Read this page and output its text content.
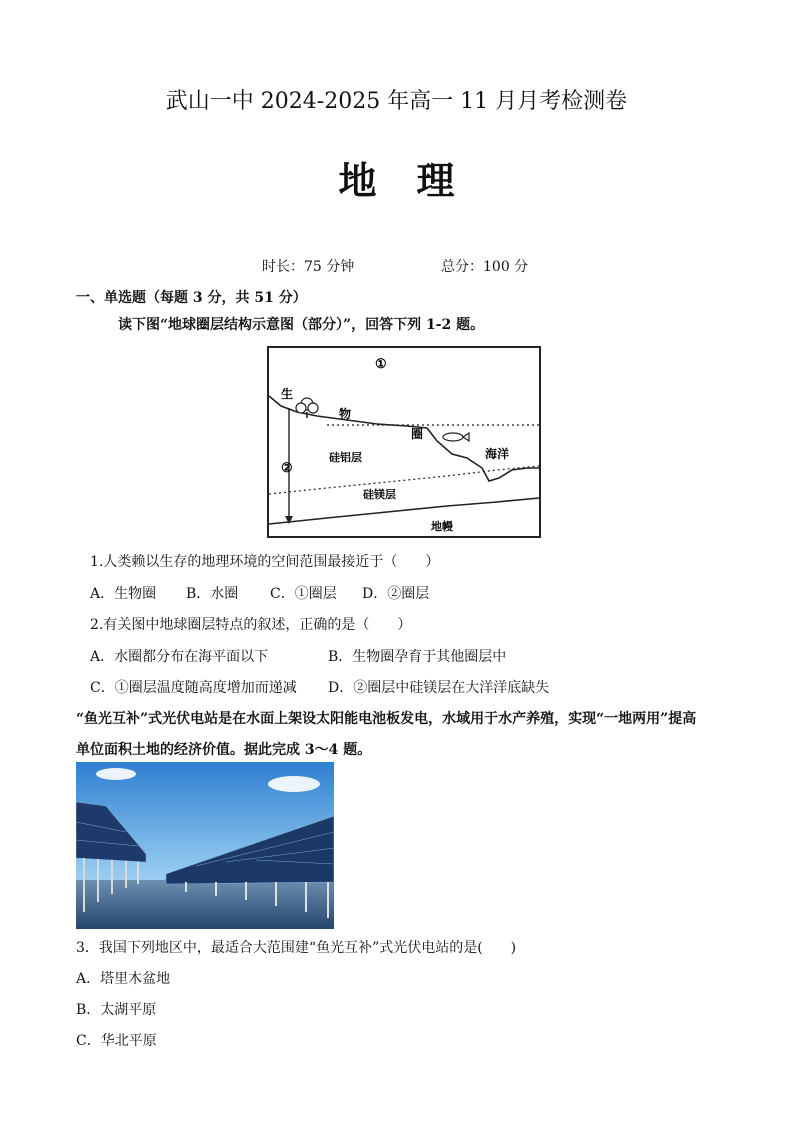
武山一中 2024-2025 年高一 11 月月考检测卷
地理
时长：75 分钟	总分：100 分
一、单选题（每题 3 分，共 51 分）
读下图“地球圈层结构示意图（部分）”，回答下列 1-2 题。
①
②
生
物
圈
硅铝层	海洋
硅镁层
地幔
1.人类赖以生存的地理环境的空间范围最接近于（　　）
A．生物圈 B．水圈 C．①圈层 D．②圈层
2.有关图中地球圈层特点的叙述，正确的是（　　）
A．水圈都分布在海平面以下	B．生物圈孕育于其他圈层中
C．①圈层温度随高度增加而递减 D．②圈层中硅镁层在大洋洋底缺失
“鱼光互补”式光伏电站是在水面上架设太阳能电池板发电，水域用于水产养殖，实现“一地两用”提高
单位面积土地的经济价值。据此完成 3～4 题。
3．我国下列地区中，最适合大范围建“鱼光互补”式光伏电站的是(　　)
A．塔里木盆地
B．太湖平原
C．华北平原
